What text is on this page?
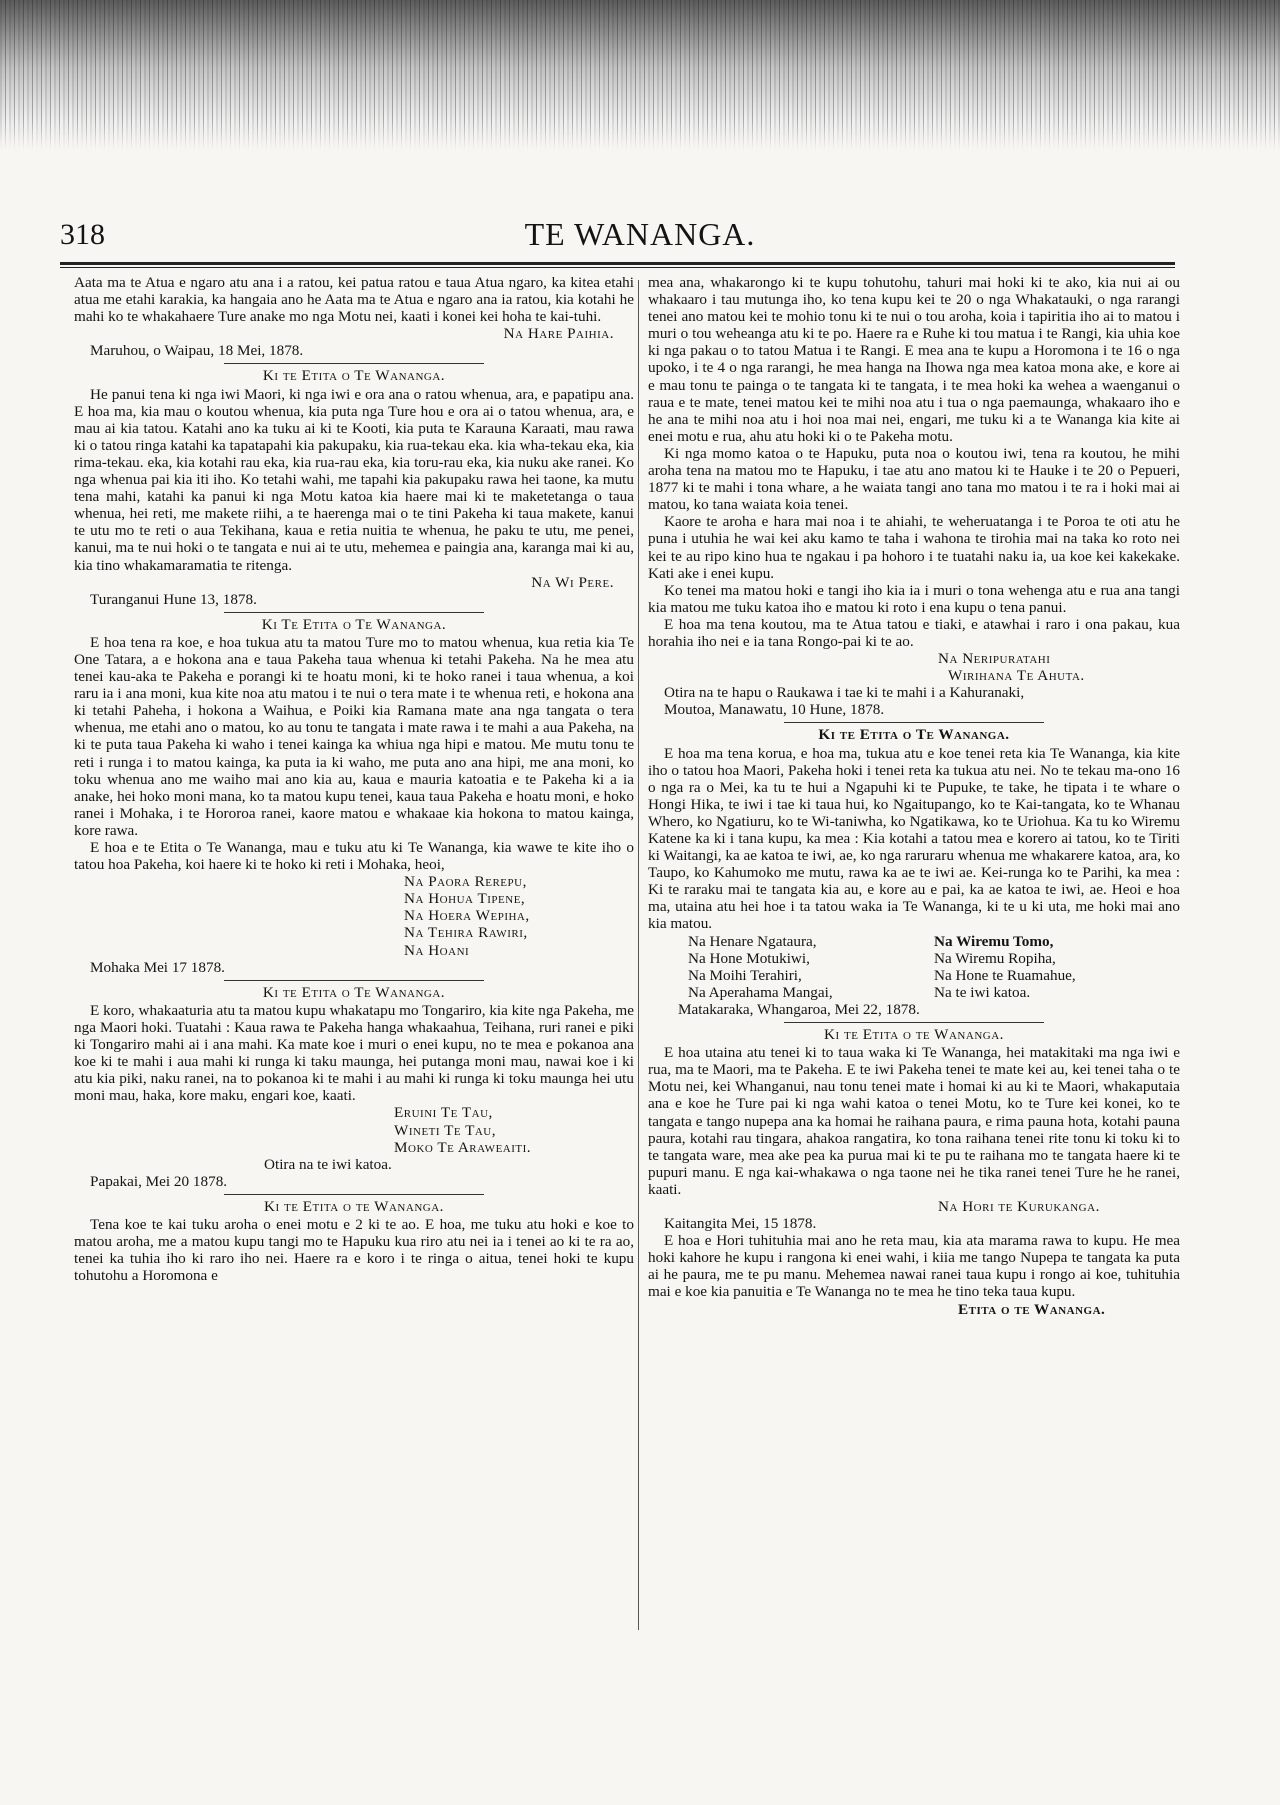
318	TE WANANGA.

Aata ma te Atua e ngaro atu ana i a ratou, kei patua ratou e taua Atua ngaro, ka kitea etahi atua me etahi karakia, ka hangaia ano he Aata ma te Atua e ngaro ana ia ratou, kia kotahi he mahi ko te whakahaere Ture anake mo nga Motu nei, kaati i konei kei hoha te kai-tuhi.

Na Hare Paihia.
Maruhou, o Waipau, 18 Mei, 1878.
Ki te Etita o Te Wananga.

He panui tena ki nga iwi Maori, ki nga iwi e ora ana o ratou whenua, ara, e papatipu ana. E hoa ma, kia mau o koutou whenua, kia puta nga Ture hou e ora ai o tatou whenua, ara, e mau ai kia tatou. Katahi ano ka tuku ai ki te Kooti, kia puta te Karauna Karaati, mau rawa ki o tatou ringa katahi ka tapatapahi kia pakupaku, kia rua-tekau eka. kia wha-tekau eka, kia rima-tekau. eka, kia kotahi rau eka, kia rua-rau eka, kia toru-rau eka, kia nuku ake ranei. Ko nga whenua pai kia iti iho. Ko tetahi wahi, me tapahi kia pakupaku rawa hei taone, ka mutu tena mahi, katahi ka panui ki nga Motu katoa kia haere mai ki te maketetanga o taua whenua, hei reti, me makete riihi, a te haerenga mai o te tini Pakeha ki taua makete, kanui te utu mo te reti o aua Tekihana, kaua e retia nuitia te whenua, he paku te utu, me penei, kanui, ma te nui hoki o te tangata e nui ai te utu, mehemea e paingia ana, karanga mai ki au, kia tino whakamaramatia te ritenga.

Na Wi Pere.
Turanganui Hune 13, 1878.
Ki Te Etita o Te Wananga.

E hoa tena ra koe, e hoa tukua atu ta matou Ture mo to matou whenua, kua retia kia Te One Tatara, a e hokona ana e taua Pakeha taua whenua ki tetahi Pakeha. Na he mea atu tenei kau-aka te Pakeha e porangi ki te hoatu moni, ki te hoko ranei i taua whenua, a koi raru ia i ana moni, kua kite noa atu matou i te nui o tera mate i te whenua reti, e hokona ana ki tetahi Paheha, i hokona a Waihua, e Poiki kia Ramana mate ana nga tangata o tera whenua, me etahi ano o matou, ko au tonu te tangata i mate rawa i te mahi a aua Pakeha, na ki te puta taua Pakeha ki waho i tenei kainga ka whiua nga hipi e matou. Me mutu tonu te reti i runga i to matou kainga, ka puta ia ki waho, me puta ano ana hipi, me ana moni, ko toku whenua ano me waiho mai ano kia au, kaua e mauria katoatia e te Pakeha ki a ia anake, hei hoko moni mana, ko ta matou kupu tenei, kaua taua Pakeha e hoatu moni, e hoko ranei i Mohaka, i te Hororoa ranei, kaore matou e whakaae kia hokona to matou kainga, kore rawa.

E hoa e te Etita o Te Wananga, mau e tuku atu ki Te Wananga, kia wawe te kite iho o tatou hoa Pakeha, koi haere ki te hoko ki reti i Mohaka, heoi,

Na Paora Rerepu,
Na Hohua Tipene,
Na Hoera Wepiha,
Na Tehira Rawiri,
Na Hoani
Mohaka Mei 17 1878.
Ki te Etita o Te Wananga.

E koro, whakaaturia atu ta matou kupu whakatapu mo Tongariro, kia kite nga Pakeha, me nga Maori hoki. Tuatahi : Kaua rawa te Pakeha hanga whakaahua, Teihana, ruri ranei e piki ki Tongariro mahi ai i ana mahi. Ka mate koe i muri o enei kupu, no te mea e pokanoa ana koe ki te mahi i aua mahi ki runga ki taku maunga, hei putanga moni mau, nawai koe i ki atu kia piki, naku ranei, na to pokanoa ki te mahi i au mahi ki runga ki toku maunga hei utu moni mau, haka, kore maku, engari koe, kaati.

Eruini Te Tau,
Wineti Te Tau,
Moko Te Araweaiti.
Otira na te iwi katoa.
Papakai, Mei 20 1878.
Ki te Etita o te Wananga.

Tena koe te kai tuku aroha o enei motu e 2 ki te ao. E hoa, me tuku atu hoki e koe to matou aroha, me a matou kupu tangi mo te Hapuku kua riro atu nei ia i tenei ao ki te ra ao, tenei ka tuhia iho ki raro iho nei. Haere ra e koro i te ringa o aitua, tenei hoki te kupu tohutohu a Horomona e

mea ana, whakarongo ki te kupu tohutohu, tahuri mai hoki ki te ako, kia nui ai ou whakaaro i tau mutunga iho, ko tena kupu kei te 20 o nga Whakatauki, o nga rarangi tenei ano matou kei te mohio tonu ki te nui o tou aroha, koia i tapiritia iho ai to matou i muri o tou weheanga atu ki te po. Haere ra e Ruhe ki tou matua i te Rangi, kia uhia koe ki nga pakau o to tatou Matua i te Rangi. E mea ana te kupu a Horomona i te 16 o nga upoko, i te 4 o nga rarangi, he mea hanga na Ihowa nga mea katoa mona ake, e kore ai e mau tonu te painga o te tangata ki te tangata, i te mea hoki ka wehea a waenganui o raua e te mate, tenei matou kei te mihi noa atu i tua o nga paemaunga, whakaaro iho e he ana te mihi noa atu i hoi noa mai nei, engari, me tuku ki a te Wananga kia kite ai enei motu e rua, ahu atu hoki ki o te Pakeha motu.

Ki nga momo katoa o te Hapuku, puta noa o koutou iwi, tena ra koutou, he mihi aroha tena na matou mo te Hapuku, i tae atu ano matou ki te Hauke i te 20 o Pepueri, 1877 ki te mahi i tona whare, a he waiata tangi ano tana mo matou i te ra i hoki mai ai matou, ko tana waiata koia tenei.

Kaore te aroha e hara mai noa i te ahiahi, te weheruatanga i te Poroa te oti atu he puna i utuhia he wai kei aku kamo te taha i wahona te tirohia mai na taka ko roto nei kei te au ripo kino hua te ngakau i pa hohoro i te tuatahi naku ia, ua koe kei kakekake. Kati ake i enei kupu.

Ko tenei ma matou hoki e tangi iho kia ia i muri o tona wehenga atu e rua ana tangi kia matou me tuku katoa iho e matou ki roto i ena kupu o tena panui.

E hoa ma tena koutou, ma te Atua tatou e tiaki, e atawhai i raro i ona pakau, kua horahia iho nei e ia tana Rongo-pai ki te ao.

Na Neripuratahi
Wirihana Te Ahuta.

Otira na te hapu o Raukawa i tae ki te mahi i a Kahuranaki,

Moutoa, Manawatu, 10 Hune, 1878.
Ki te Etita o Te Wananga.

E hoa ma tena korua, e hoa ma, tukua atu e koe tenei reta kia Te Wananga, kia kite iho o tatou hoa Maori, Pakeha hoki i tenei reta ka tukua atu nei. No te tekau ma-ono 16 o nga ra o Mei, ka tu te hui a Ngapuhi ki te Pupuke, te take, he tipata i te whare o Hongi Hika, te iwi i tae ki taua hui, ko Ngaitupango, ko te Kai-tangata, ko te Whanau Whero, ko Ngatiuru, ko te Wi-taniwha, ko Ngatikawa, ko te Uriohua. Ka tu ko Wiremu Katene ka ki i tana kupu, ka mea : Kia kotahi a tatou mea e korero ai tatou, ko te Tiriti ki Waitangi, ka ae katoa te iwi, ae, ko nga raruraru whenua me whakarere katoa, ara, ko Taupo, ko Kahumoko me mutu, rawa ka ae te iwi ae. Kei-runga ko te Parihi, ka mea : Ki te raraku mai te tangata kia au, e kore au e pai, ka ae katoa te iwi, ae. Heoi e hoa ma, utaina atu hei hoe i ta tatou waka ia Te Wananga, ki te u ki uta, me hoki mai ano kia matou.

Na Henare Ngataura,	Na Wiremu Tomo,
Na Hone Motukiwi,	Na Wiremu Ropiha,
Na Moihi Terahiri,	Na Hone te Ruamahue,
Na Aperahama Mangai,	Na te iwi katoa.
Matakaraka, Whangaroa, Mei 22, 1878.
Ki te Etita o te Wananga.

E hoa utaina atu tenei ki to taua waka ki Te Wananga, hei matakitaki ma nga iwi e rua, ma te Maori, ma te Pakeha. E te iwi Pakeha tenei te mate kei au, kei tenei taha o te Motu nei, kei Whanganui, nau tonu tenei mate i homai ki au ki te Maori, whakaputaia ana e koe he Ture pai ki nga wahi katoa o tenei Motu, ko te Ture kei konei, ko te tangata e tango nupepa ana ka homai he raihana paura, e rima pauna hota, kotahi pauna paura, kotahi rau tingara, ahakoa rangatira, ko tona raihana tenei rite tonu ki toku ki to te tangata ware, mea ake pea ka purua mai ki te pu te raihana mo te tangata haere ki te pupuri manu. E nga kai-whakawa o nga taone nei he tika ranei tenei Ture he he ranei, kaati.

Na Hori te Kurukanga.
Kaitangita Mei, 15 1878.

E hoa e Hori tuhituhia mai ano he reta mau, kia ata marama rawa to kupu. He mea hoki kahore he kupu i rangona ki enei wahi, i kiia me tango Nupepa te tangata ka puta ai he paura, me te pu manu. Mehemea nawai ranei taua kupu i rongo ai koe, tuhituhia mai e koe kia panuitia e Te Wananga no te mea he tino teka taua kupu.

Etita o te Wananga.
